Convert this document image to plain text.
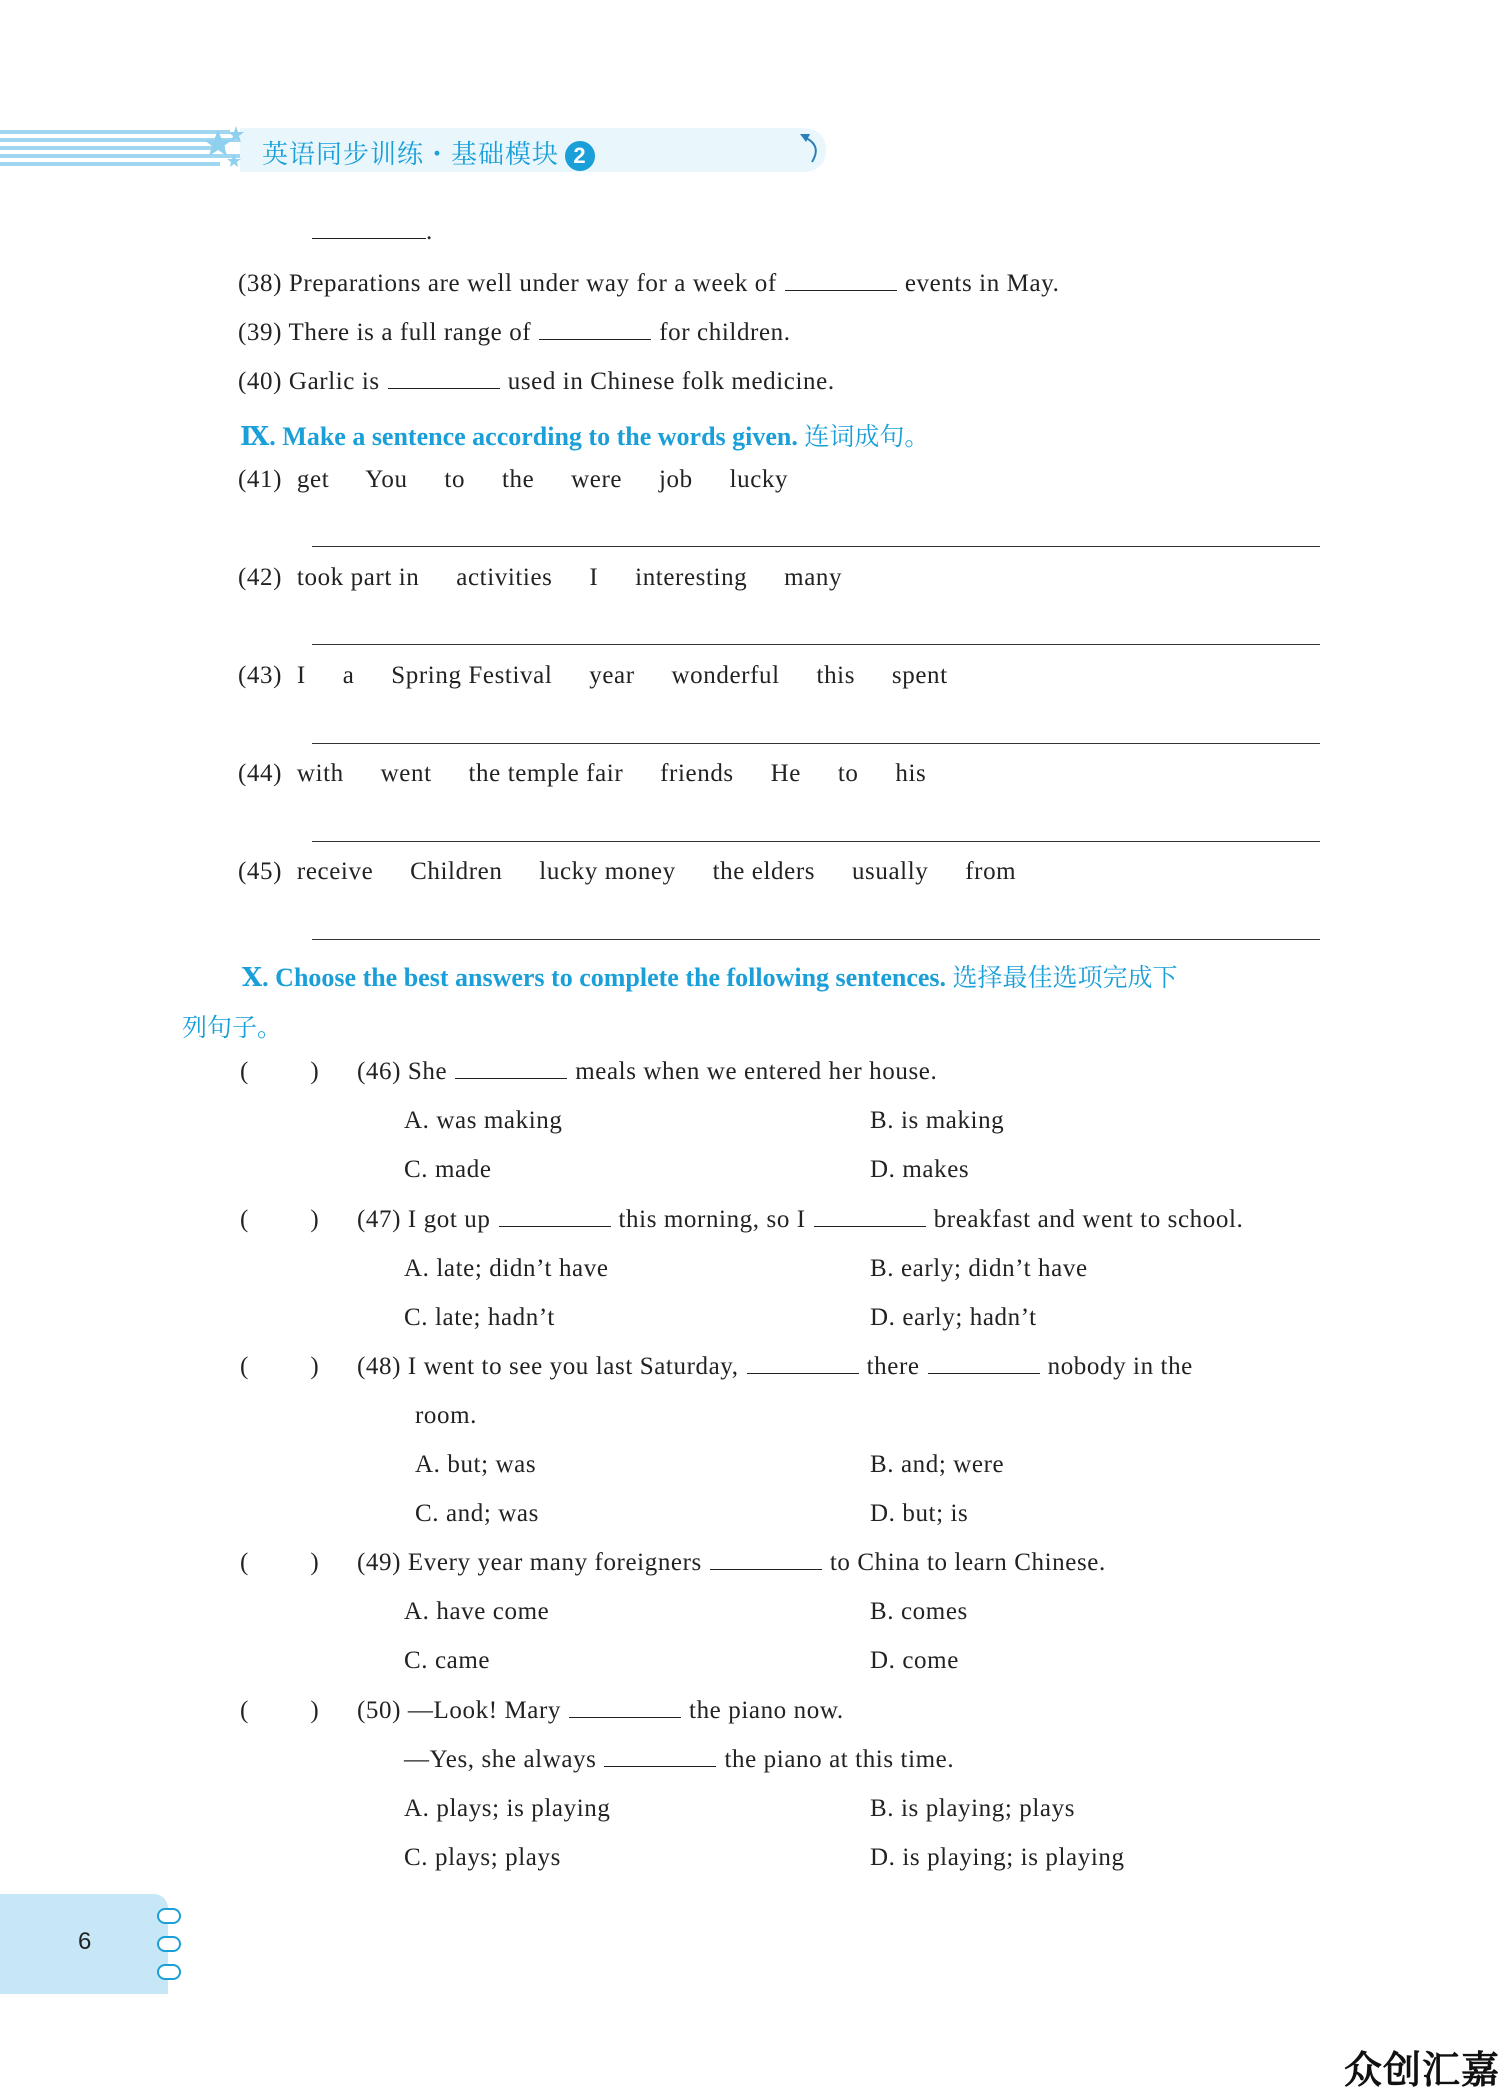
英语同步训练・基础模块 2
.
(38) Preparations are well under way for a week of	events in May.
(39) There is a full range of	for children.
(40) Garlic is	used in Chinese folk medicine.
Ⅸ. Make a sentence according to the words given. 连词成句。
(41) get You to the were job lucky
(42) took part in activities I interesting many
(43) I a Spring Festival year wonderful this spent
(44) with went the temple fair friends He to his
(45) receive Children lucky money the elders usually from
Ⅹ. Choose the best answers to complete the following sentences. 选择最佳选项完成下
列句子。
( ) (46) She	meals when we entered her house.
A. was making	B. is making
C. made	D. makes
( ) (47) I got up	this morning, so I	breakfast and went to school.
A. late; didn’t have	B. early; didn’t have
C. late; hadn’t	D. early; hadn’t
( ) (48) I went to see you last Saturday,	there	nobody in the
room.
A. but; was	B. and; were
C. and; was	D. but; is
( ) (49) Every year many foreigners	to China to learn Chinese.
A. have come	B. comes
C. came	D. come
( ) (50) —Look! Mary	the piano now.
—Yes, she always	the piano at this time.
A. plays; is playing	B. is playing; plays
C. plays; plays	D. is playing; is playing
6
众创汇嘉
